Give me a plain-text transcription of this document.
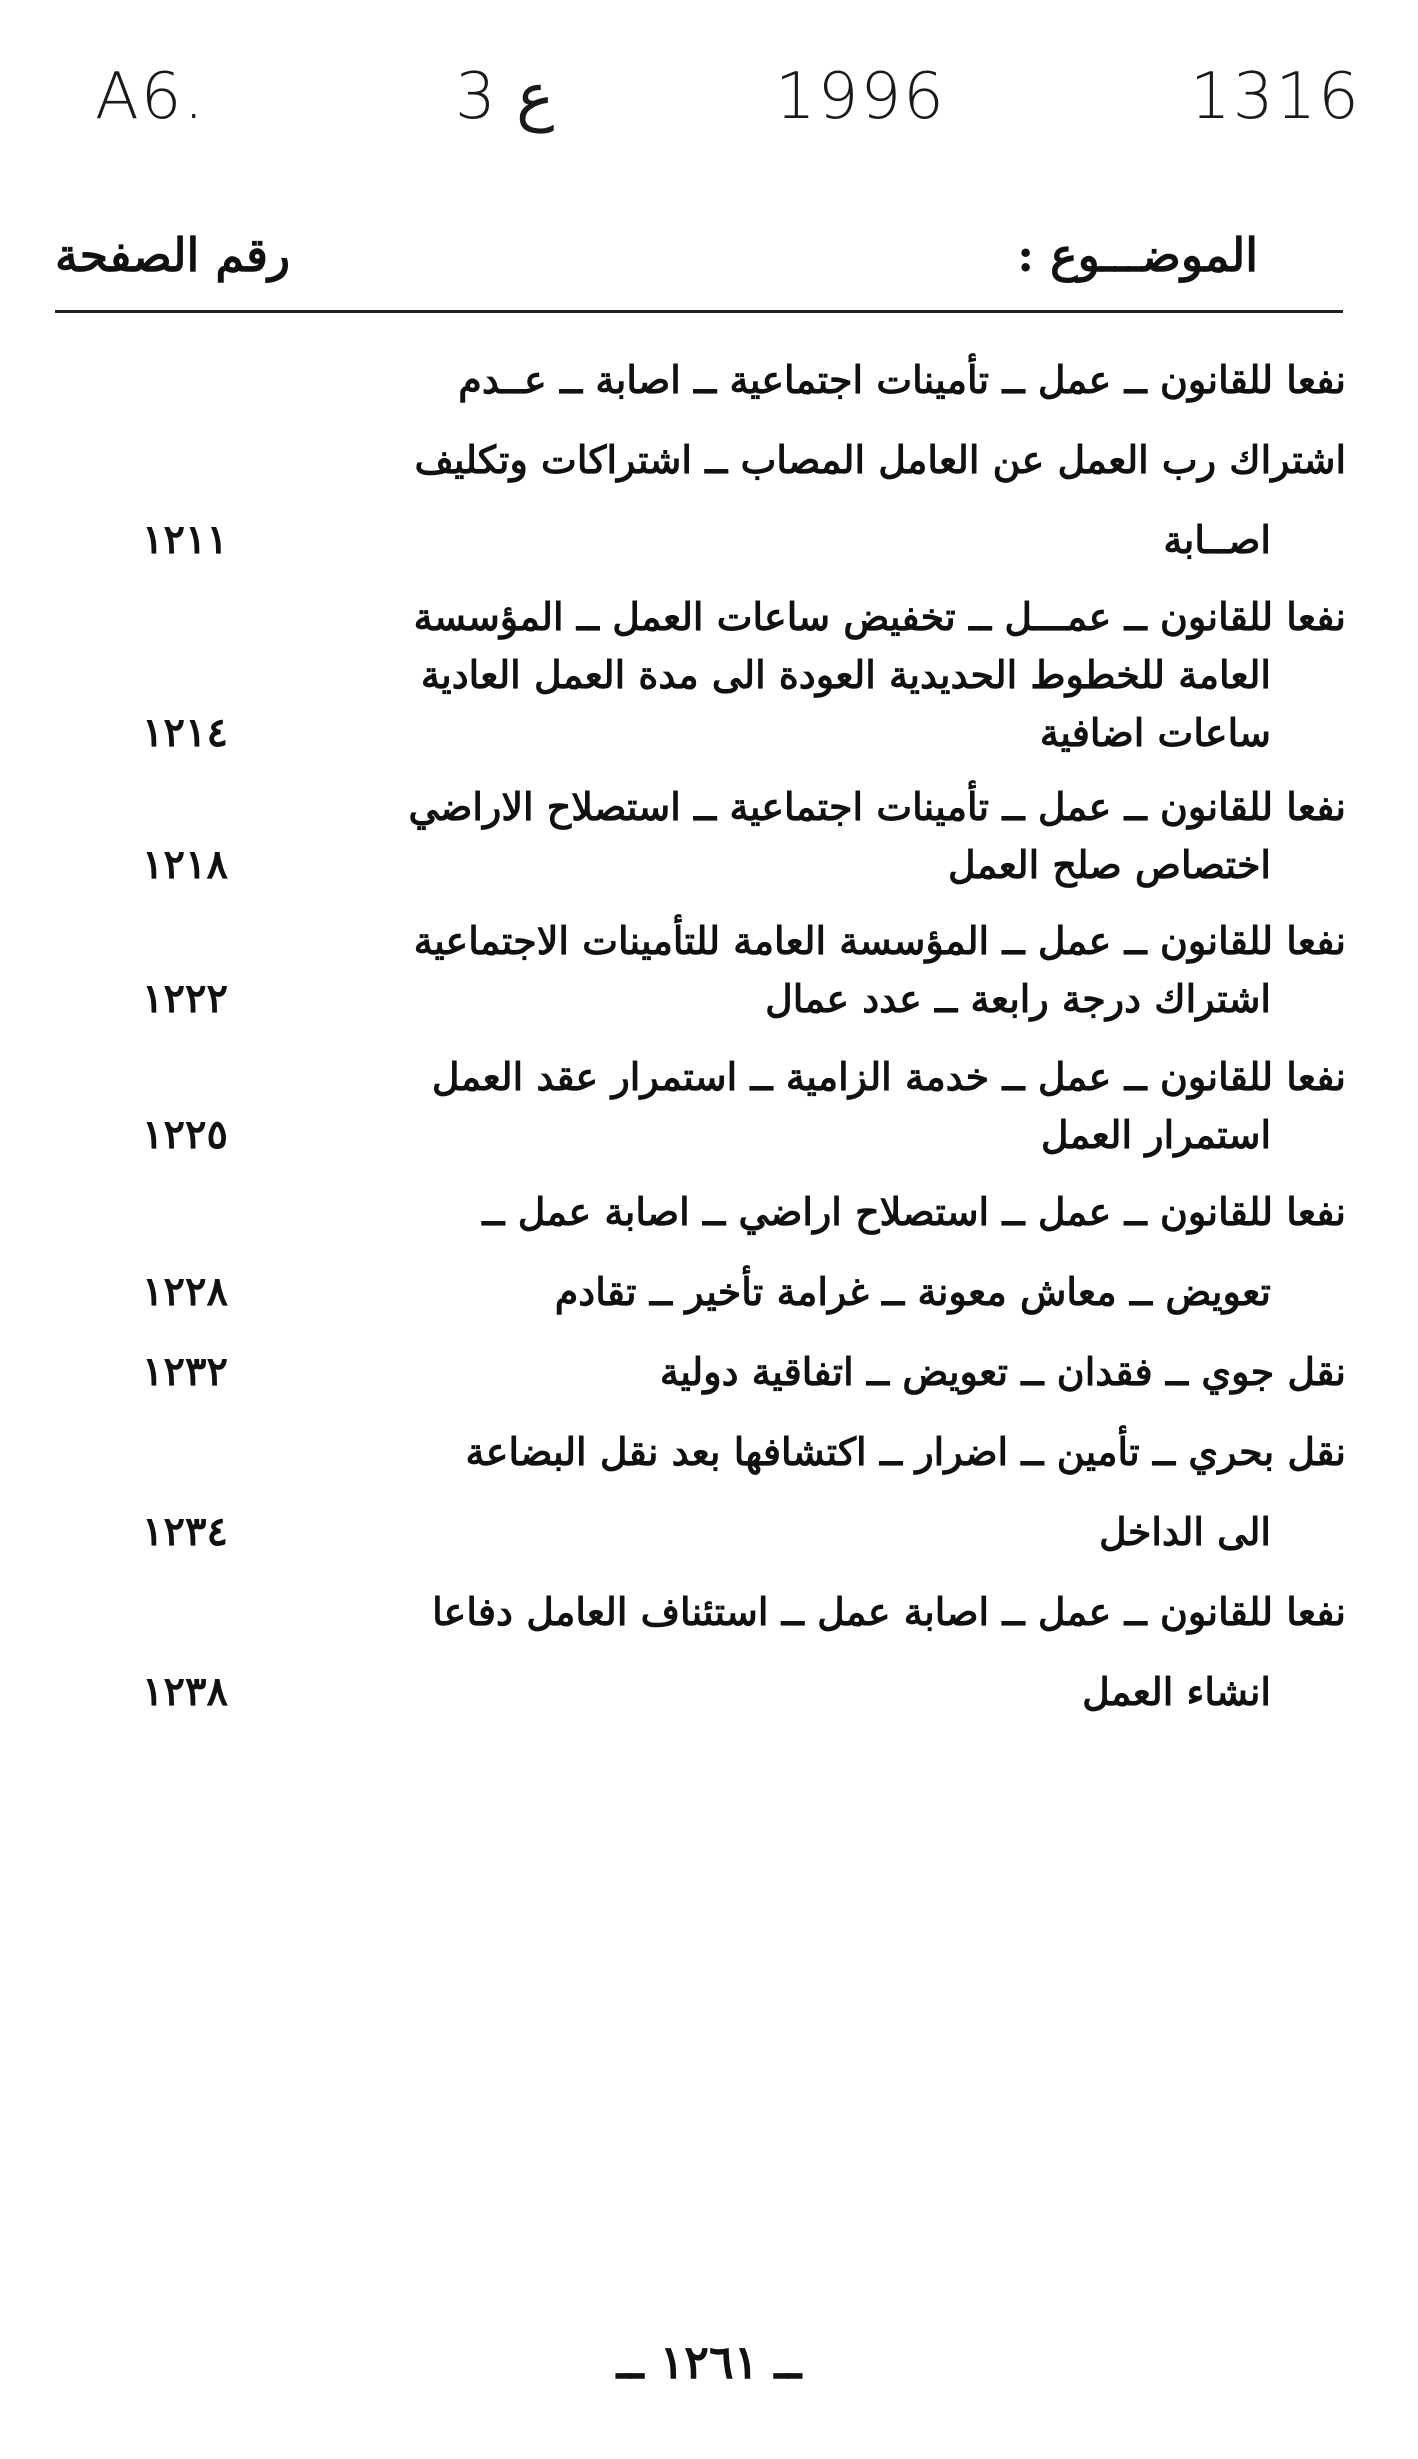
A6.	3 ع	1996	1316
الموضـــوع :
رقم الصفحة
نفعا للقانون ــ عمل ــ تأمينات اجتماعية ــ اصابة ــ عــدم
اشتراك رب العمل عن العامل المصاب ــ اشتراكات وتكليف
اصــابة
١٢١١
نفعا للقانون ــ عمـــل ــ تخفيض ساعات العمل ــ المؤسسة
العامة للخطوط الحديدية العودة الى مدة العمل العادية
ساعات اضافية
١٢١٤
نفعا للقانون ــ عمل ــ تأمينات اجتماعية ــ استصلاح الاراضي
اختصاص صلح العمل
١٢١٨
نفعا للقانون ــ عمل ــ المؤسسة العامة للتأمينات الاجتماعية
اشتراك درجة رابعة ــ عدد عمال
١٢٢٢
نفعا للقانون ــ عمل ــ خدمة الزامية ــ استمرار عقد العمل
استمرار العمل
١٢٢٥
نفعا للقانون ــ عمل ــ استصلاح اراضي ــ اصابة عمل ــ
تعويض ــ معاش معونة ــ غرامة تأخير ــ تقادم
١٢٢٨
نقل جوي ــ فقدان ــ تعويض ــ اتفاقية دولية
١٢٣٢
نقل بحري ــ تأمين ــ اضرار ــ اكتشافها بعد نقل البضاعة
الى الداخل
١٢٣٤
نفعا للقانون ــ عمل ــ اصابة عمل ــ استئناف العامل دفاعا
انشاء العمل
١٢٣٨
ــ ١٢٦١ ــ
